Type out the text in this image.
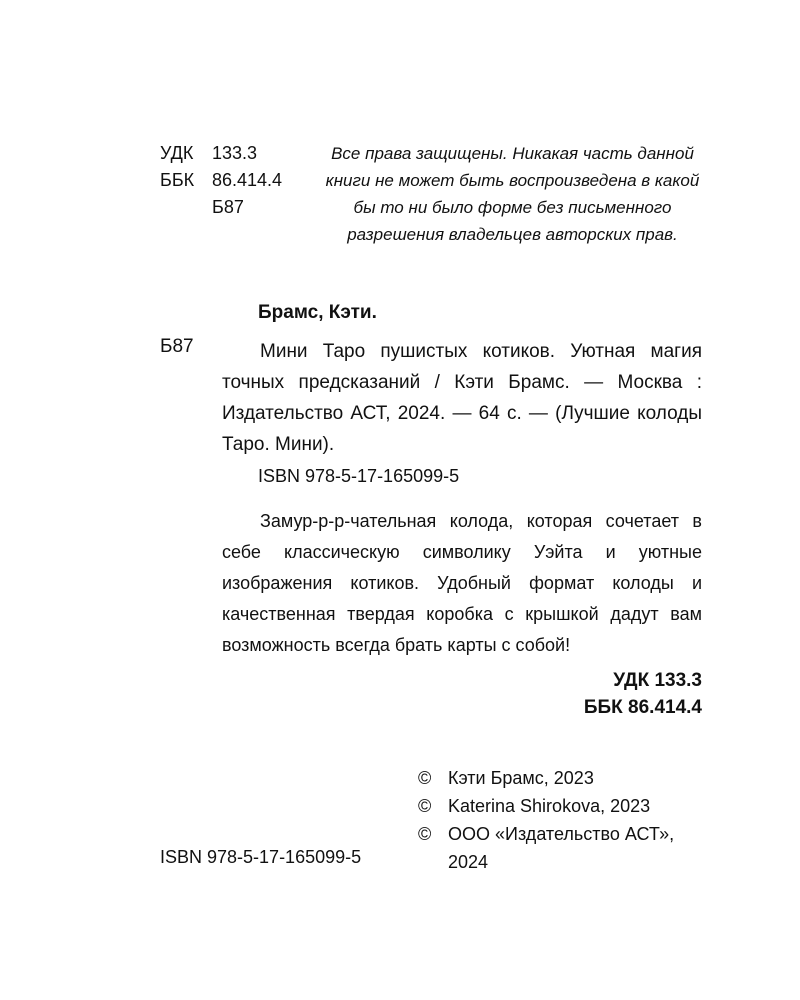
УДК	133.3
ББК 86.414.4
Б87
Все права защищены. Никакая часть данной книги не может быть воспроизведена в какой бы то ни было форме без письменного разрешения владельцев авторских прав.
Брамс, Кэти.
Б87	Мини Таро пушистых котиков. Уютная магия точных предсказаний / Кэти Брамс. — Москва : Издательство АСТ, 2024. — 64 с. — (Лучшие колоды Таро. Мини).
ISBN 978-5-17-165099-5
Замур-р-р-чательная колода, которая сочетает в себе классическую символику Уэйта и уютные изображения котиков. Удобный формат колоды и качественная твердая коробка с крышкой дадут вам возможность всегда брать карты с собой!
УДК 133.3
ББК 86.414.4
© Кэти Брамс, 2023
© Katerina Shirokova, 2023
© ООО «Издательство АСТ», 2024
ISBN 978-5-17-165099-5
